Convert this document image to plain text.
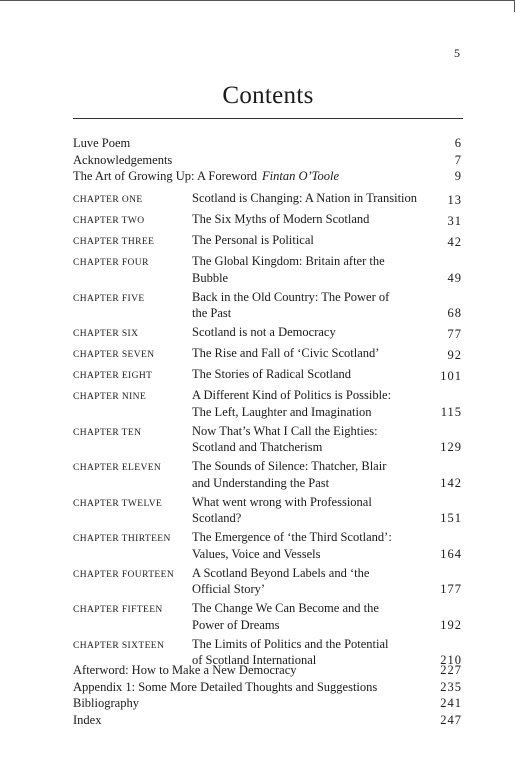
5
Contents
Luve Poem	6
Acknowledgements	7
The Art of Growing Up: A Foreword Fintan O’Toole	9
CHAPTER ONE	Scotland is Changing: A Nation in Transition	13
CHAPTER TWO	The Six Myths of Modern Scotland	31
CHAPTER THREE	The Personal is Political	42
CHAPTER FOUR	The Global Kingdom: Britain after the
Bubble	49
CHAPTER FIVE	Back in the Old Country: The Power of
the Past	68
CHAPTER SIX	Scotland is not a Democracy	77
CHAPTER SEVEN	The Rise and Fall of ‘Civic Scotland’	92
CHAPTER EIGHT	The Stories of Radical Scotland	101
CHAPTER NINE	A Different Kind of Politics is Possible:
The Left, Laughter and Imagination	115
CHAPTER TEN	Now That’s What I Call the Eighties:
Scotland and Thatcherism	129
CHAPTER ELEVEN	The Sounds of Silence: Thatcher, Blair
and Understanding the Past	142
CHAPTER TWELVE	What went wrong with Professional
Scotland?	151
CHAPTER THIRTEEN	The Emergence of ‘the Third Scotland’:
Values, Voice and Vessels	164
CHAPTER FOURTEEN	A Scotland Beyond Labels and ‘the
Official Story’	177
CHAPTER FIFTEEN	The Change We Can Become and the
Power of Dreams	192
CHAPTER SIXTEEN	The Limits of Politics and the Potential
of Scotland International	210
Afterword: How to Make a New Democracy	227
Appendix 1: Some More Detailed Thoughts and Suggestions	235
Bibliography	241
Index	247
